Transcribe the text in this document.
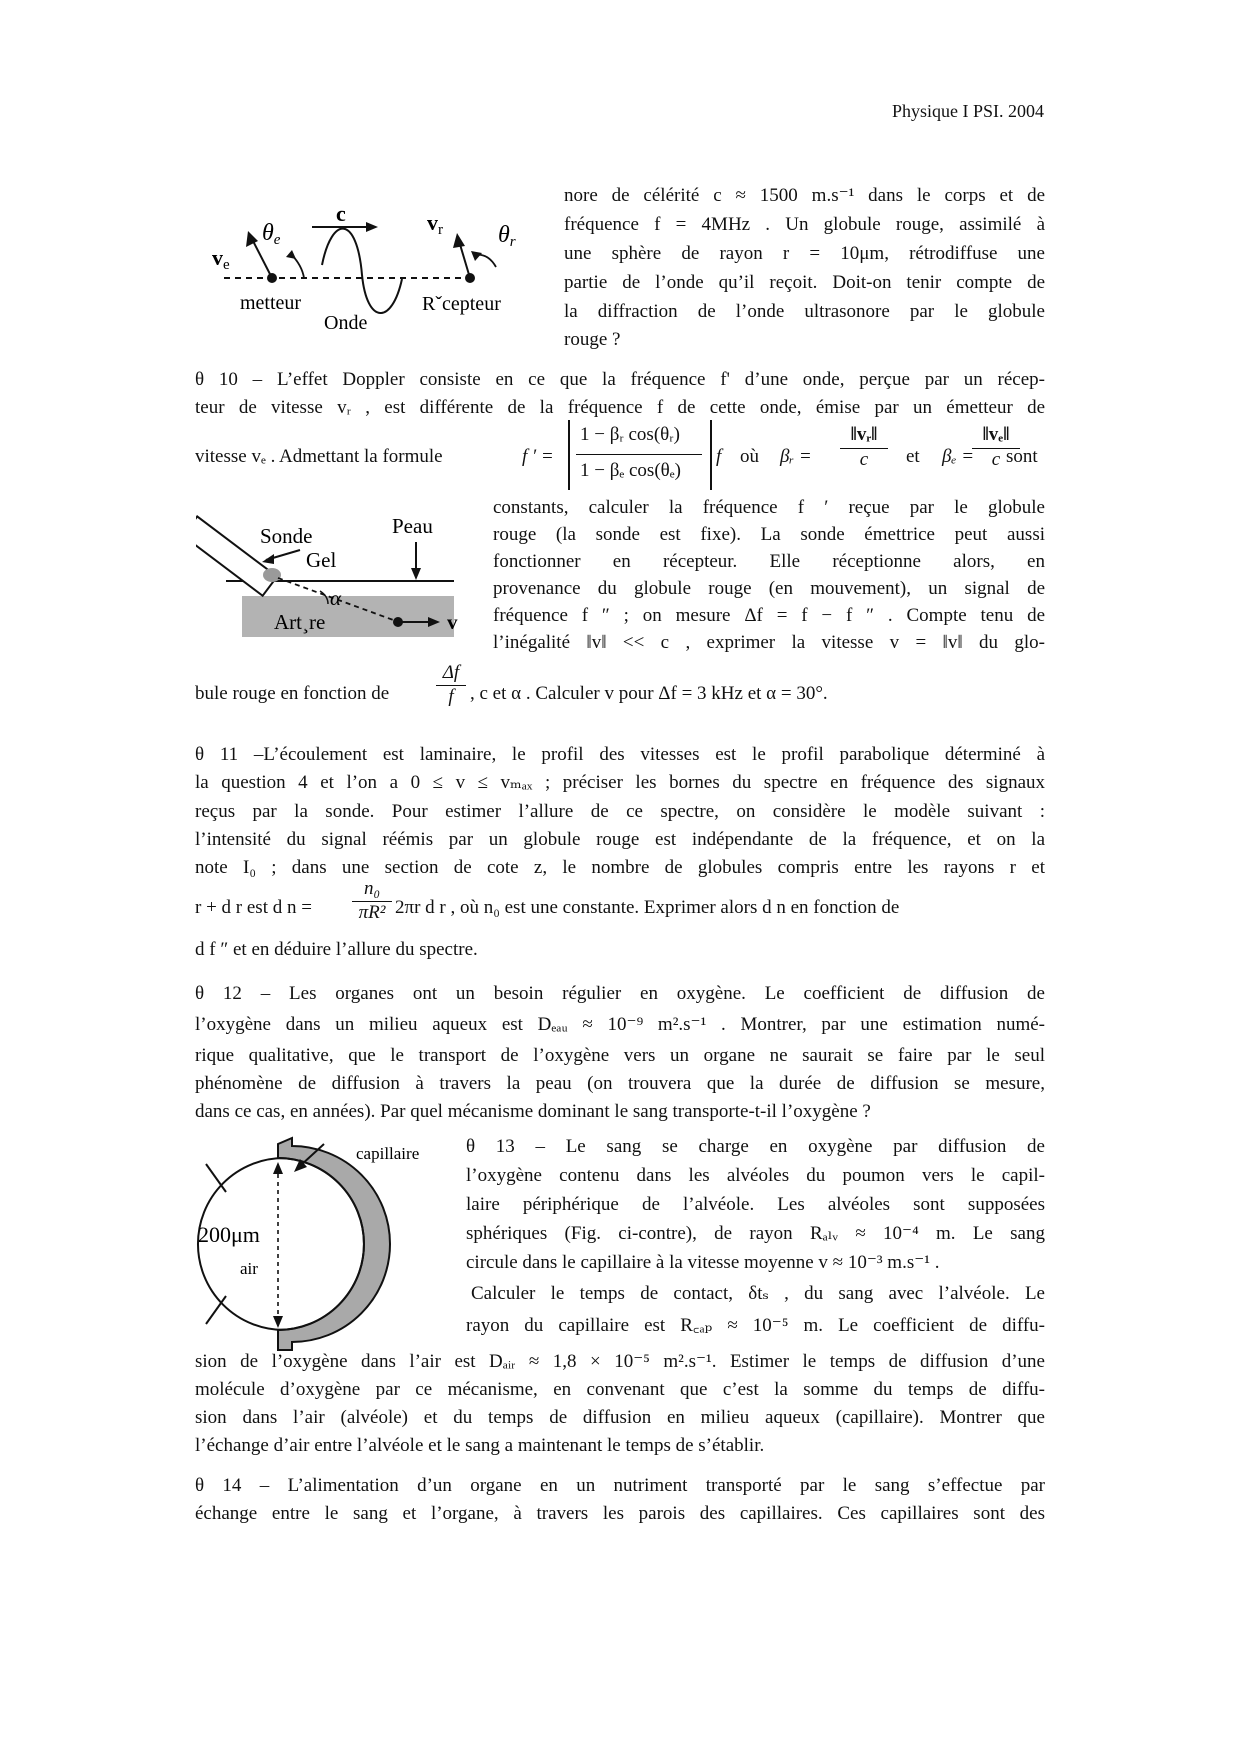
Physique I PSI. 2004
ve
θe
c	vr θr
metteur
Onde
Rˇcepteur
nore de célérité c ≈ 1500 m.s⁻¹ dans le corps et de
fréquence f = 4MHz . Un globule rouge, assimilé à
une sphère de rayon r = 10μm, rétrodiffuse une
partie de l’onde qu’il reçoit. Doit-on tenir compte de
la diffraction de l’onde ultrasonore par le globule
rouge ?
θ 10 – L’effet Doppler consiste en ce que la fréquence f' d’une onde, perçue par un récep-
teur de vitesse vᵣ , est différente de la fréquence f de cette onde, émise par un émetteur de
vitesse vₑ . Admettant la formule	f ′ =
1 − βᵣ cos(θᵣ)
1 − βₑ cos(θₑ)
f où βᵣ =
‖vᵣ‖
c	et βₑ =
‖vₑ‖
c sont
constants, calculer la fréquence f ′ reçue par le globule
rouge (la sonde est fixe). La sonde émettrice peut aussi
fonctionner en récepteur. Elle réceptionne alors, en
provenance du globule rouge (en mouvement), un signal de
fréquence f ″ ; on mesure Δf = f − f ″ . Compte tenu de
l’inégalité ‖v‖ << c , exprimer la vitesse v = ‖v‖ du glo-
bule rouge en fonction de
Δf
f , c et α . Calculer v pour Δf = 3 kHz et α = 30°.
Sonde	Peau
Gel
α
Art¸re	v
θ 11 –L’écoulement est laminaire, le profil des vitesses est le profil parabolique déterminé à
la question 4 et l’on a 0 ≤ v ≤ vₘₐₓ ; préciser les bornes du spectre en fréquence des signaux
reçus par la sonde. Pour estimer l’allure de ce spectre, on considère le modèle suivant :
l’intensité du signal réémis par un globule rouge est indépendante de la fréquence, et on la
note I₀ ; dans une section de cote z, le nombre de globules compris entre les rayons r et
r + d r est d n =
n₀
πR² 2πr d r , où n₀ est une constante. Exprimer alors d n en fonction de
d f ″ et en déduire l’allure du spectre.
θ 12 – Les organes ont un besoin régulier en oxygène. Le coefficient de diffusion de
l’oxygène dans un milieu aqueux est Dₑₐᵤ ≈ 10⁻⁹ m².s⁻¹ . Montrer, par une estimation numé-
rique qualitative, que le transport de l’oxygène vers un organe ne saurait se faire par le seul
phénomène de diffusion à travers la peau (on trouvera que la durée de diffusion se mesure,
dans ce cas, en années). Par quel mécanisme dominant le sang transporte-t-il l’oxygène ?
capillaire
200μm
air
θ 13 – Le sang se charge en oxygène par diffusion de
l’oxygène contenu dans les alvéoles du poumon vers le capil-
laire périphérique de l’alvéole. Les alvéoles sont supposées
sphériques (Fig. ci-contre), de rayon Rₐₗᵥ ≈ 10⁻⁴ m. Le sang
circule dans le capillaire à la vitesse moyenne v ≈ 10⁻³ m.s⁻¹ .
Calculer le temps de contact, δtₛ , du sang avec l’alvéole. Le
rayon du capillaire est R꜀ₐₚ ≈ 10⁻⁵ m. Le coefficient de diffu-
sion de l’oxygène dans l’air est Dₐᵢᵣ ≈ 1,8 × 10⁻⁵ m².s⁻¹. Estimer le temps de diffusion d’une
molécule d’oxygène par ce mécanisme, en convenant que c’est la somme du temps de diffu-
sion dans l’air (alvéole) et du temps de diffusion en milieu aqueux (capillaire). Montrer que
l’échange d’air entre l’alvéole et le sang a maintenant le temps de s’établir.
θ 14 – L’alimentation d’un organe en un nutriment transporté par le sang s’effectue par
échange entre le sang et l’organe, à travers les parois des capillaires. Ces capillaires sont des
